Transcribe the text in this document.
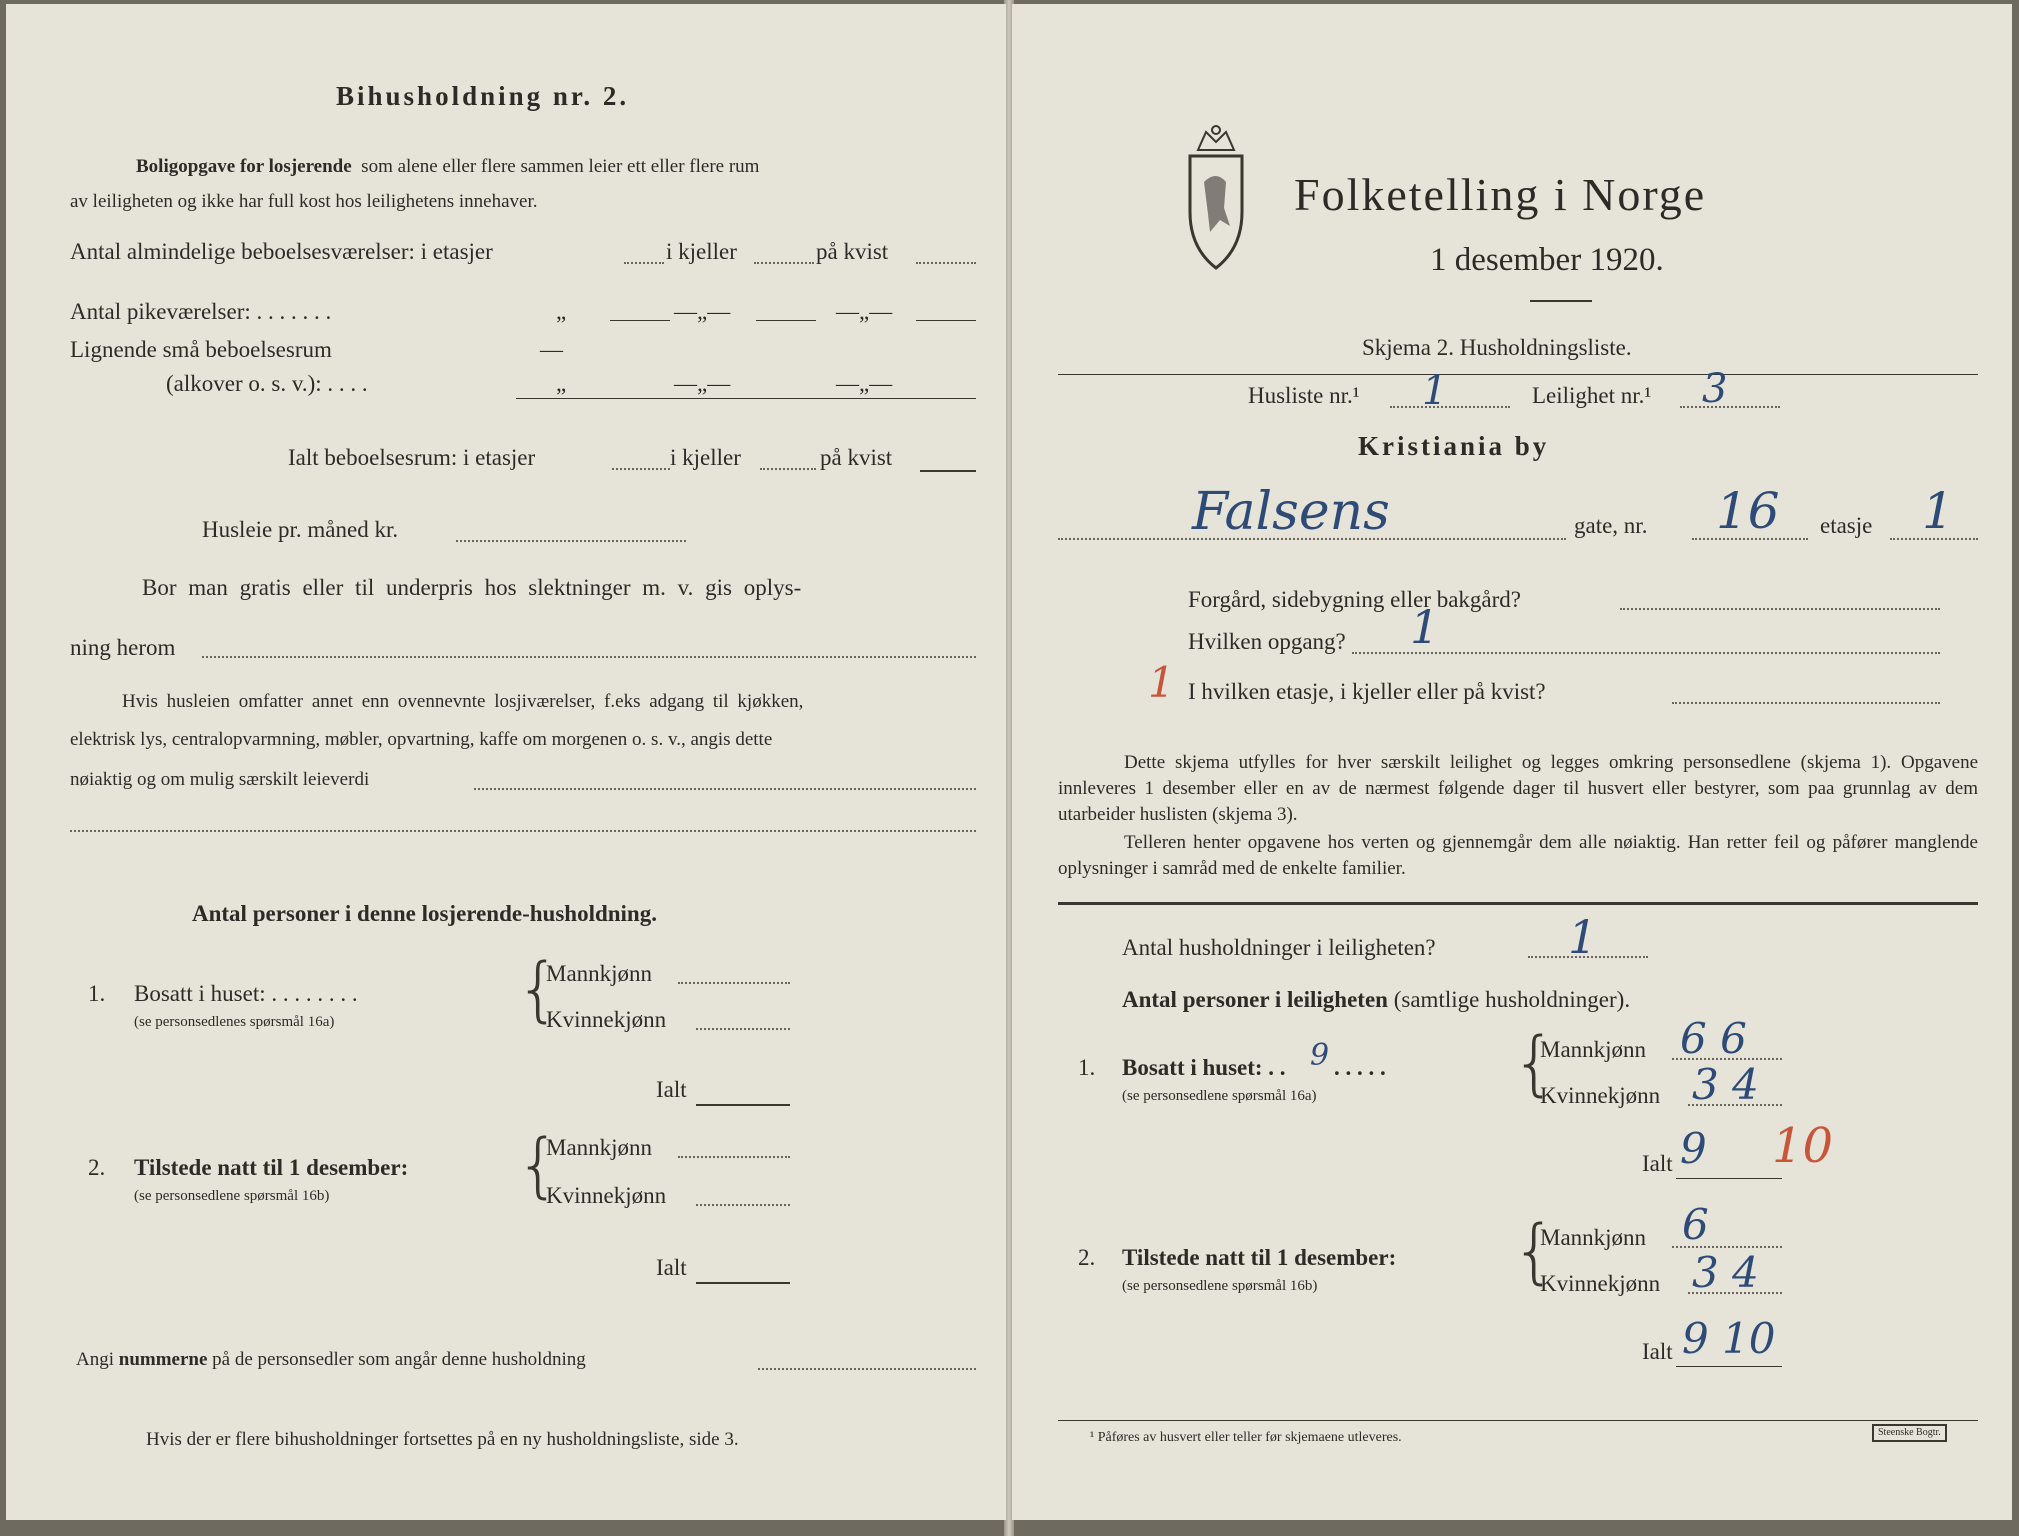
Bihusholdning nr. 2.
Boligopgave for losjerende som alene eller flere sammen leier ett eller flere rum
av leiligheten og ikke har full kost hos leilighetens innehaver.
Antal almindelige beboelsesværelser: i etasjer	i kjeller	på kvist
Antal pikeværelser: . . . . . . .	„	—„—	—„—
Lignende små beboelsesrum	—
(alkover o. s. v.): . . . .	„	—„—	—„—
Ialt beboelsesrum: i etasjer	i kjeller	på kvist
Husleie pr. måned kr.
Bor man gratis eller til underpris hos slektninger m. v. gis oplys-
ning herom
Hvis husleien omfatter annet enn ovennevnte losjiværelser, f.eks adgang til kjøkken,
elektrisk lys, centralopvarmning, møbler, opvartning, kaffe om morgenen o. s. v., angis dette
nøiaktig og om mulig særskilt leieverdi
Antal personer i denne losjerende-husholdning.
1. Bosatt i huset: . . . . . . . .
(se personsedlenes spørsmål 16a)	{
Mannkjønn
Kvinnekjønn
Ialt
2. Tilstede natt til 1 desember:
(se personsedlene spørsmål 16b)	{
Mannkjønn
Kvinnekjønn
Ialt
Angi nummerne på de personsedler som angår denne husholdning
Hvis der er flere bihusholdninger fortsettes på en ny husholdningsliste, side 3.
Folketelling i Norge
1 desember 1920.
Skjema 2. Husholdningsliste.
Husliste nr.¹ 1	Leilighet nr.¹ 3
Kristiania by
Falsens	gate, nr. 16 etasje 1
Forgård, sidebygning eller bakgård?
Hvilken opgang? 1
1 I hvilken etasje, i kjeller eller på kvist?
Dette skjema utfylles for hver særskilt leilighet og legges omkring personsedlene (skjema 1). Opgavene innleveres 1 desember eller en av de nærmest følgende dager til husvert eller bestyrer, som paa grunnlag av dem utarbeider huslisten (skjema 3).
Telleren henter opgavene hos verten og gjennemgår dem alle nøiaktig. Han retter feil og påfører manglende oplysninger i samråd med de enkelte familier.
Antal husholdninger i leiligheten?	1
Antal personer i leiligheten (samtlige husholdninger).
1. Bosatt i huset: . . 9 . . . . .
(se personsedlene spørsmål 16a)	{
Mannkjønn 6 6
Kvinnekjønn 3 4
Ialt 9 10
2. Tilstede natt til 1 desember:
(se personsedlene spørsmål 16b)	{
Mannkjønn 6
Kvinnekjønn 3 4
Ialt 9 10
¹ Påføres av husvert eller teller før skjemaene utleveres.	Steenske Bogtr.
